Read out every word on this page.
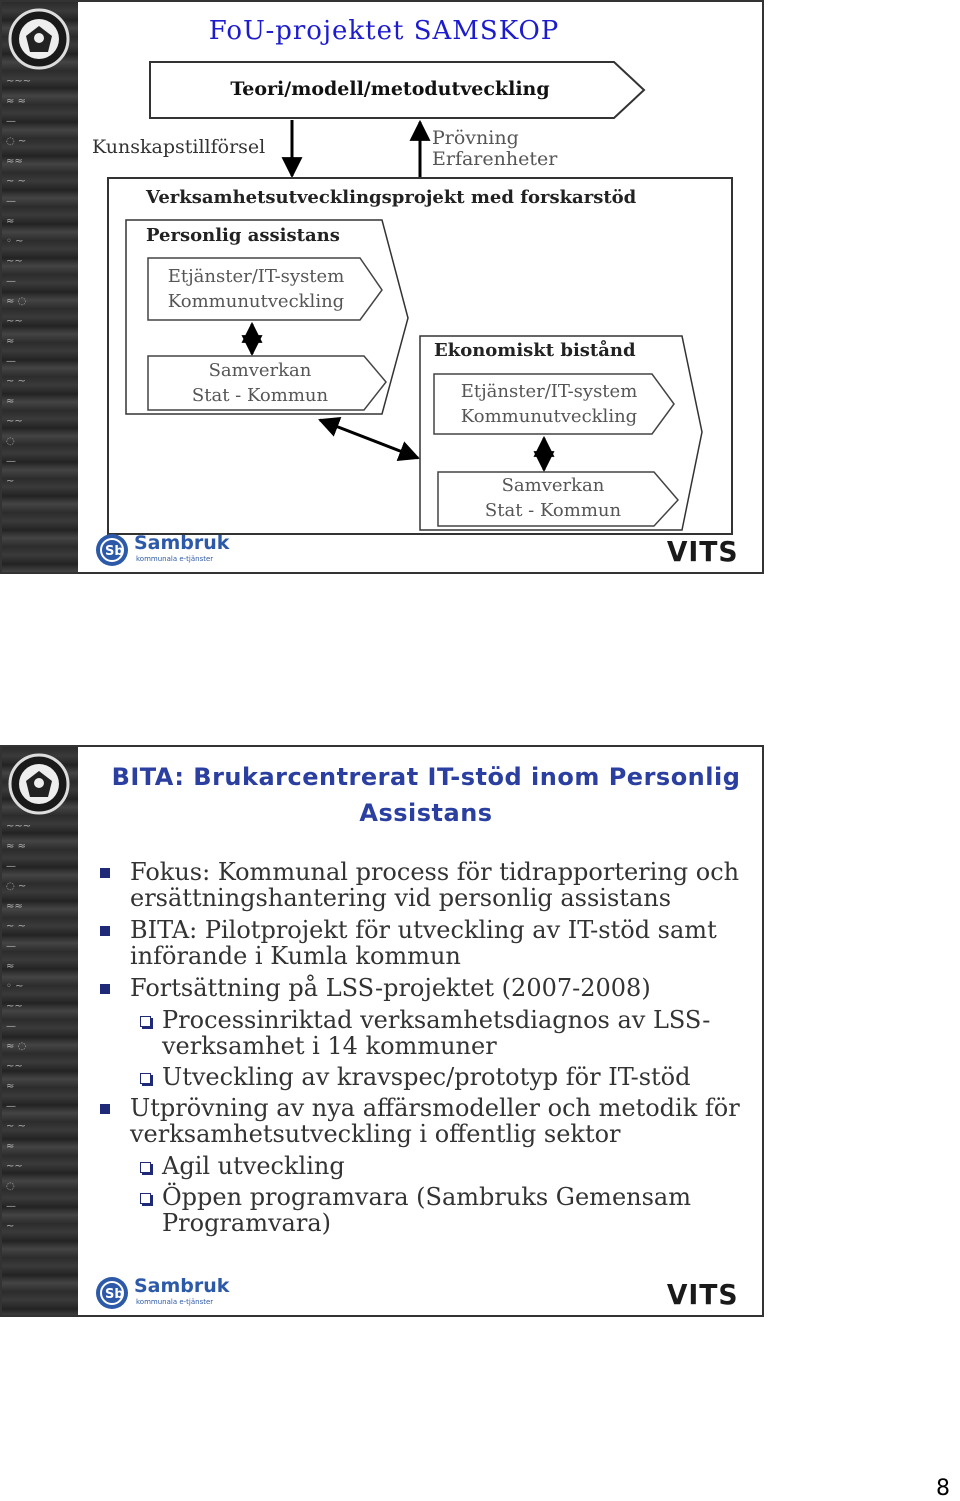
~~~
≈ ≈
—
◌ ~
≈≈
~ ~
—
≈
◦ ~
~~
—
≈ ◌
~~
≈
—
~ ~
≈
~~
◌
—
~
FoU-projektet SAMSKOP
Teori/modell/metodutveckling
Kunskapstillförsel	Prövning
Erfarenheter
Verksamhetsutvecklingsprojekt med forskarstöd
Personlig assistans
Etjänster/IT-system
Kommunutveckling
Samverkan
Stat - Kommun
Ekonomiskt bistånd
Etjänster/IT-system
Kommunutveckling
Samverkan
Stat - Kommun
Sb Sambruk
kommunala e-tjänster	VITS
~~~
≈ ≈
—
◌ ~
≈≈
~ ~
—
≈
◦ ~
~~
—
≈ ◌
~~
≈
—
~ ~
≈
~~
◌
—
~
BITA: Brukarcentrerat IT-stöd inom Personlig Assistans
Fokus: Kommunal process för tidrapportering och ersättningshantering vid personlig assistans
BITA: Pilotprojekt för utveckling av IT-stöd samt införande i Kumla kommun
Fortsättning på LSS-projektet (2007-2008)
Processinriktad verksamhetsdiagnos av LSS-verksamhet i 14 kommuner
Utveckling av kravspec/prototyp för IT-stöd
Utprövning av nya affärsmodeller och metodik för verksamhetsutveckling i offentlig sektor
Agil utveckling
Öppen programvara (Sambruks Gemensam Programvara)
Sb Sambruk
kommunala e-tjänster	VITS
8
